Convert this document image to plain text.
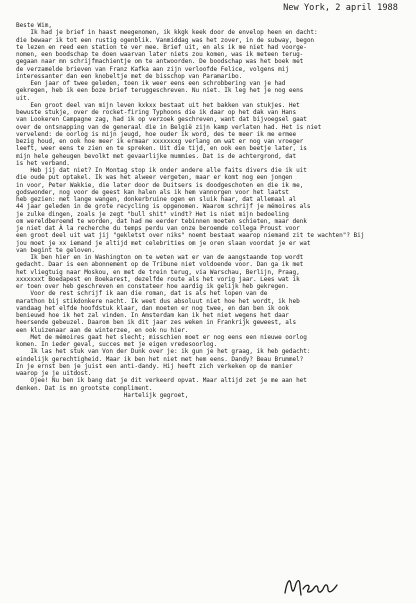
New York, 2 april 1988
Beste Wim,
Ik had je brief in haast meegenomen, ik kkgk keek door de envelop heen en dacht:
die bewaar ik tot een rustig ogenblik. Vanmiddag was het zover, in de subway, begon
te lezen en reed een station te ver mee. Brief uit, en als ik me niet had voorge-
nomen, een boodschap te doen waarvan later niets zou komen, was ik meteen terug-
gegaan naar mn schrijfmachientje om te antwoorden. De boodschap was het boek met
de verzamelde brieven van Franz Kafka aan zijn verloofde Felice, volgens mij
interessanter dan een knobeltje met de bisschop van Paramaribo.
Een jaar of twee geleden, toen ik weer eens een schrobbering van je had
gekregen, heb ik een boze brief teruggeschreven. Nu niet. Ik leg het je nog eens
uit.
Een groot deel van mijn leven kxkxx bestaat uit het bakken van stukjes. Het
bewuste stukje, over de rocket-firing Typhoons die ik daar op het dak van Hans
van Lookeren Campagne zag, had ik op verzoek geschreven, want dat bijvoegsel gaat
over de ontsnapping van de generaal die in België zijn kamp verlaten had. Het is niet
vervelend: de oorlog is mijn jeugd, hoe ouder ik word, des te meer ik me ermee
bezig houd, en ook hoe meer ik ermaar xxxxxxxg verlang om wat er nog van vroeger
leeft, weer eens te zien en te spreken. Uit die tijd, en ook een beetje later, is
mijn hele geheugen bevolkt met gevaarlijke mummies. Dat is de achtergrond, dat
is het verband.
Heb jij dat niet? In Montag stop ik onder andere alle faits divers die ik uit
die oude put optakel. Ik was het alweer vergeten, maar er komt nog een jongen
in voor, Peter Wakkie, die later door de Duitsers is doodgeschoten en die ik me,
godswonder, nog voor de geest kan halen als ik hem vannorgen voor het laatst
heb gezien: met lange wangen, donkerbruine ogen en sluik haar, dat allemaal al
44 jaar geleden in de grote recycling is opgenomen. Waarom schrijf je mémoires als
je zulke dingen, zoals je zegt "bull shit" vindt? Het is niet mijn bedoeling
om wereldberoemd te worden, dat had me eerder tebinnen moeten schieten, maar denk
je niet dat À la recherche du temps perdu van onze beroemde collega Proust voor
een groot deel uit wat jij "gekletst over niks" noemt bestaat waarop niemand zit te wachten"? Bij
jou moet je xx iemand je altijd met celebrities om je oren slaan voordat je er wat
van begint te geloven.
Ik ben hier en in Washington om te weten wat er van de aangstaande top wordt
gedacht. Daar is een abonnement op de Tribune niet voldoende voor. Dan ga ik met
het vliegtuig naar Moskou, en met de trein terug, via Warschau, Berlijn, Praag,
xxxxxxxt Boedapest en Boekarest, dezelfde route als het vorig jaar. Lees wat ik
er toen over heb geschreven en constateer hoe aardig ik gelijk heb gekregen.
Voor de rest schrijf ik aan die roman, dat is als het lopen van de
marathon bij stikdonkere nacht. Ik weet dus absoluut niet hoe het wordt, ik heb
vandaag het elfde hoofdstuk klaar, dan moeten er nog twee, en dan ben ik ook
benieuwd hoe ik het zal vinden. In Amsterdam kan ik het niet wegens het daar
heersende gebeuzel. Daarom ben ik dit jaar zes weken in Frankrijk geweest, als
een kluizenaar aan de winterzee, en ook nu hier.
Met de mémoires gaat het slecht; misschien moet er nog eens een nieuwe oorlog
komen. In ieder geval, succes met je eigen vredesoorlog.
Ik las het stuk van Von der Dunk over je: ik gun je het graag, ik heb gedacht:
eindelijk gerechtigheid. Maar ik ben het niet met hem eens. Dandy? Beau Brummel?
In je ernst ben je juist een anti-dandy. Hij heeft zich verkeken op de manier
waarop je je uitdost.
Ojee! Nu ben ik bang dat je dit verkeerd opvat. Maar altijd zet je me aan het
denken. Dat is mn grootste compliment.
Hartelijk gegroet,
